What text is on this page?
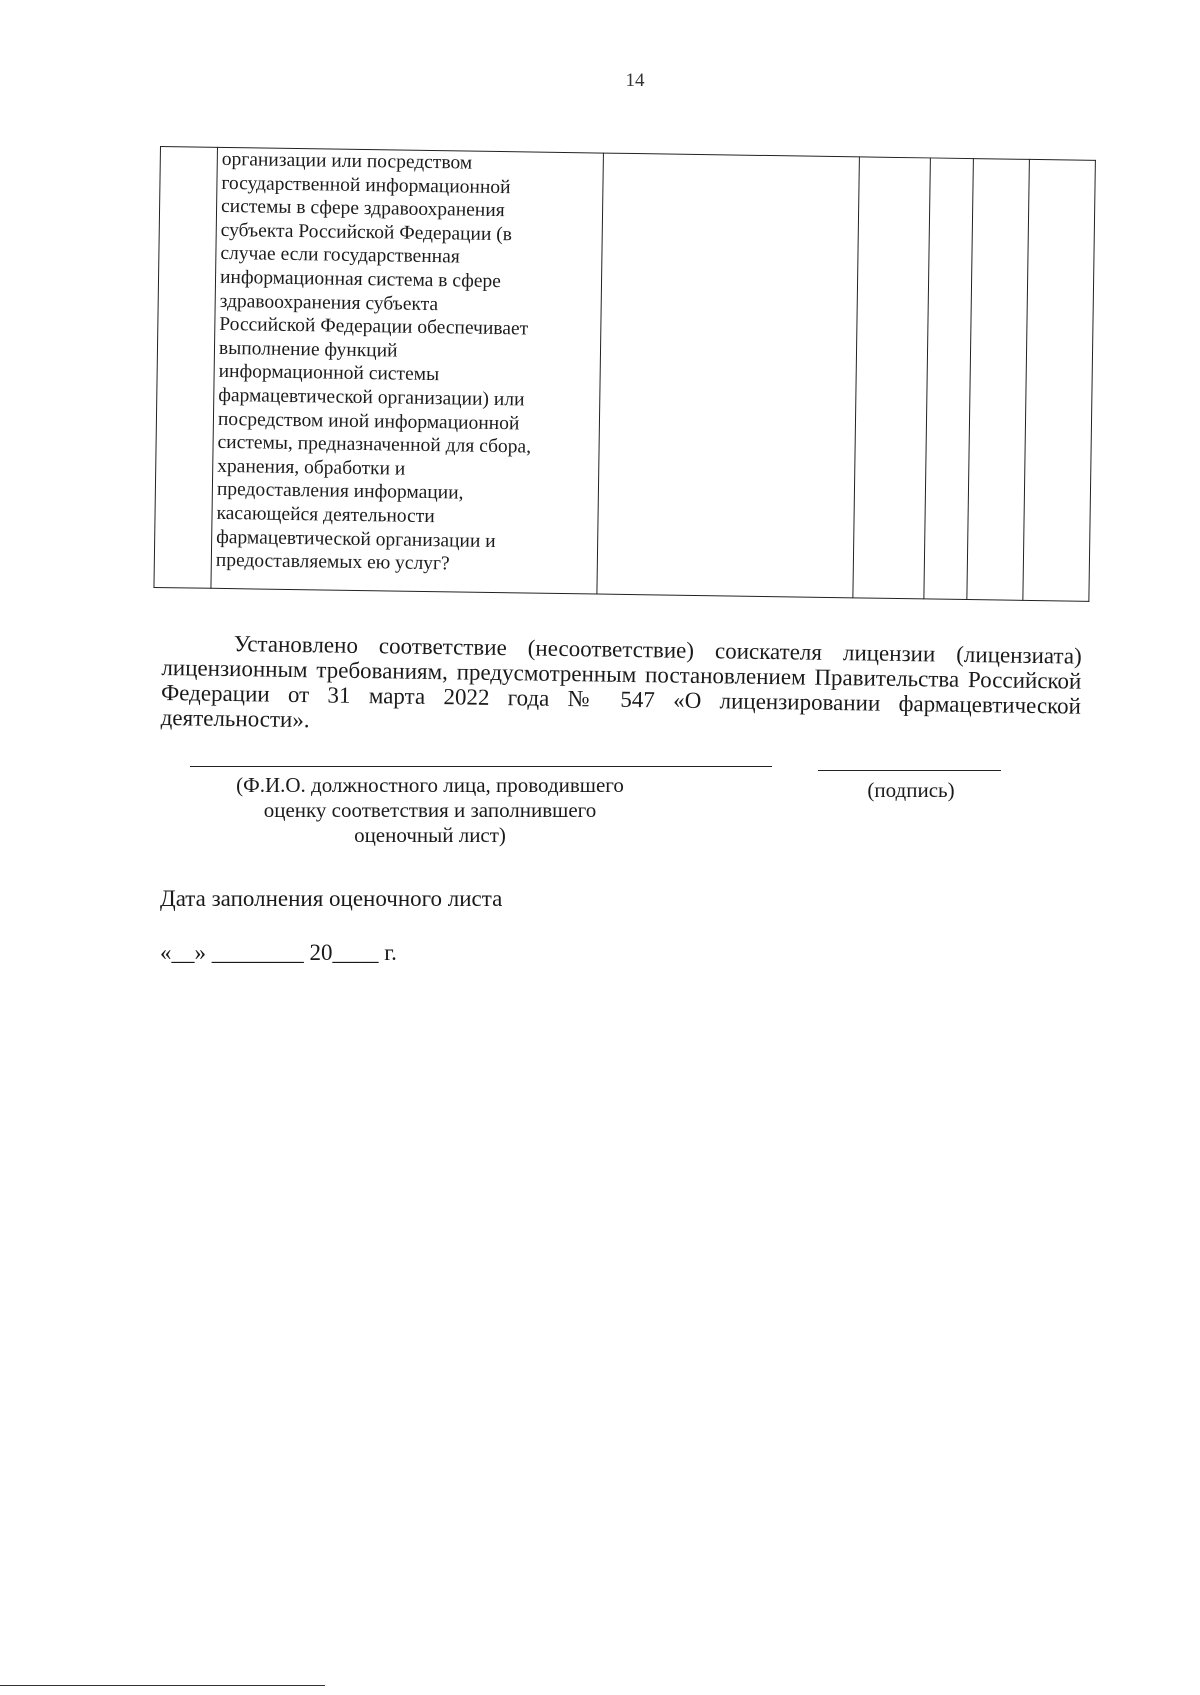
14
	организации или посредством
государственной информационной
системы в сфере здравоохранения
субъекта Российской Федерации (в
случае если государственная
информационная система в сфере
здравоохранения субъекта
Российской Федерации обеспечивает
выполнение функций
информационной системы
фармацевтической организации) или
посредством иной информационной
системы, предназначенной для сбора,
хранения, обработки и
предоставления информации,
касающейся деятельности
фармацевтической организации и
предоставляемых ею услуг?					
Установлено соответствие (несоответствие) соискателя лицензии (лицензиата) лицензионным требованиям, предусмотренным постановлением Правительства Российской Федерации от 31 марта 2022 года № 547 «О лицензировании фармацевтической деятельности».
(Ф.И.О. должностного лица, проводившего
оценку соответствия и заполнившего
оценочный лист)
(подпись)
Дата заполнения оценочного листа
«__» ________ 20____ г.
